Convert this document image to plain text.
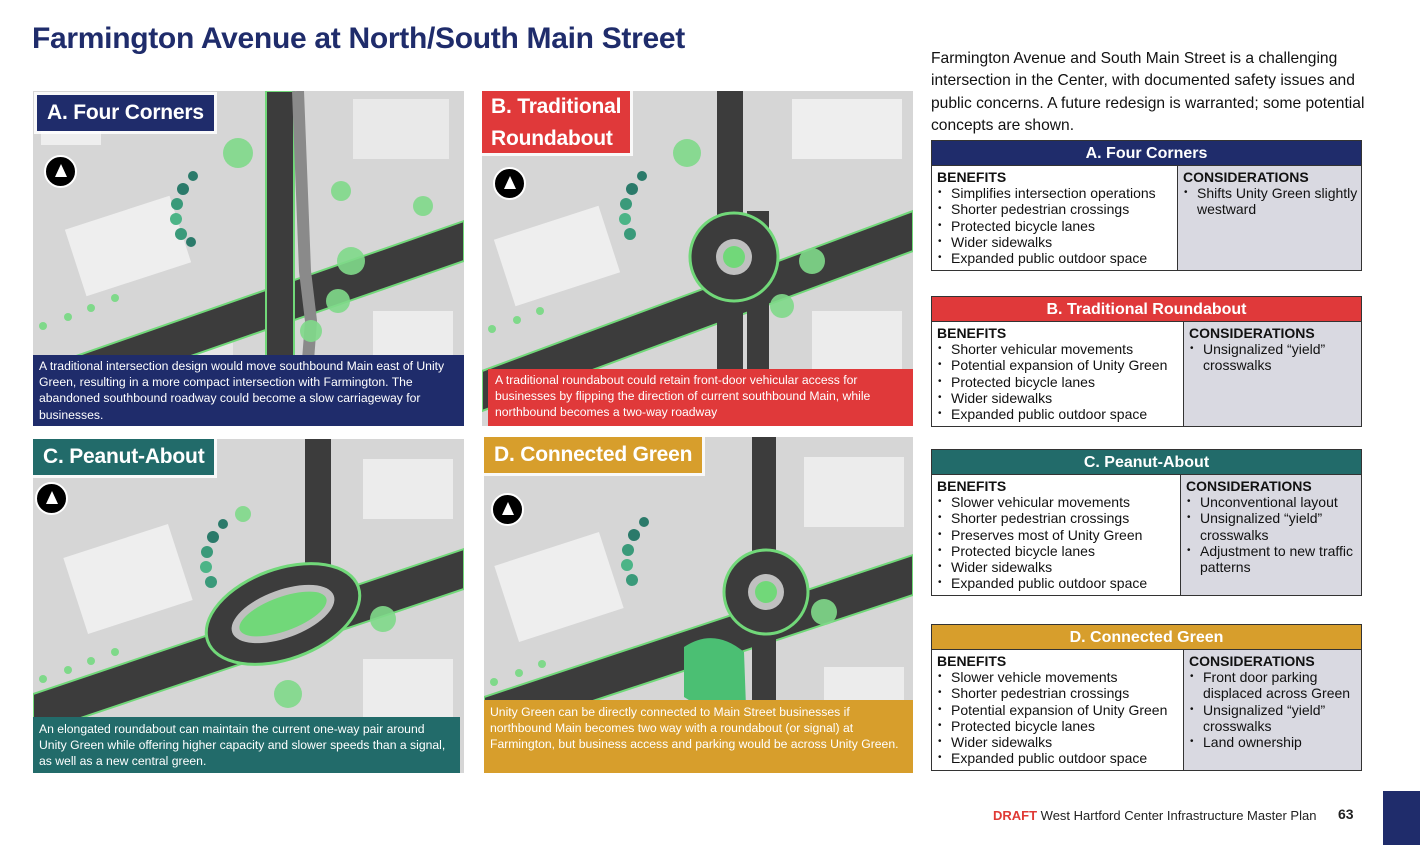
Farmington Avenue at North/South Main Street
A. Four Corners
A traditional intersection design would move southbound Main east of Unity Green, resulting in a more compact intersection with Farmington. The abandoned southbound roadway could become a slow carriageway for businesses.
B. Traditional
Roundabout
A traditional roundabout could retain front-door vehicular access for businesses by flipping the direction of current southbound Main, while northbound becomes a two-way roadway
C. Peanut-About
An elongated roundabout can maintain the current one-way pair around Unity Green while offering higher capacity and slower speeds than a signal, as well as a new central green.
D. Connected Green
Unity Green can be directly connected to Main Street businesses if northbound Main becomes two way with a roundabout (or signal) at Farmington, but business access and parking would be across Unity Green.

Farmington Avenue and South Main Street is a challenging intersection in the Center, with documented safety issues and public concerns. A future redesign is warranted; some potential concepts are shown.

A. Four Corners
BENEFITS
• Simplifies intersection operations
• Shorter pedestrian crossings
• Protected bicycle lanes
• Wider sidewalks
• Expanded public outdoor space
CONSIDERATIONS
• Shifts Unity Green slightly westward
B. Traditional Roundabout
BENEFITS
• Shorter vehicular movements
• Potential expansion of Unity Green
• Protected bicycle lanes
• Wider sidewalks
• Expanded public outdoor space
CONSIDERATIONS
• Unsignalized “yield” crosswalks
C. Peanut-About
BENEFITS
• Slower vehicular movements
• Shorter pedestrian crossings
• Preserves most of Unity Green
• Protected bicycle lanes
• Wider sidewalks
• Expanded public outdoor space
CONSIDERATIONS
• Unconventional layout
• Unsignalized “yield” crosswalks
• Adjustment to new traffic patterns
D. Connected Green
BENEFITS
• Slower vehicle movements
• Shorter pedestrian crossings
• Potential expansion of Unity Green
• Protected bicycle lanes
• Wider sidewalks
• Expanded public outdoor space
CONSIDERATIONS
• Front door parking displaced across Green
• Unsignalized “yield” crosswalks
• Land ownership
DRAFT West Hartford Center Infrastructure Master Plan 63
